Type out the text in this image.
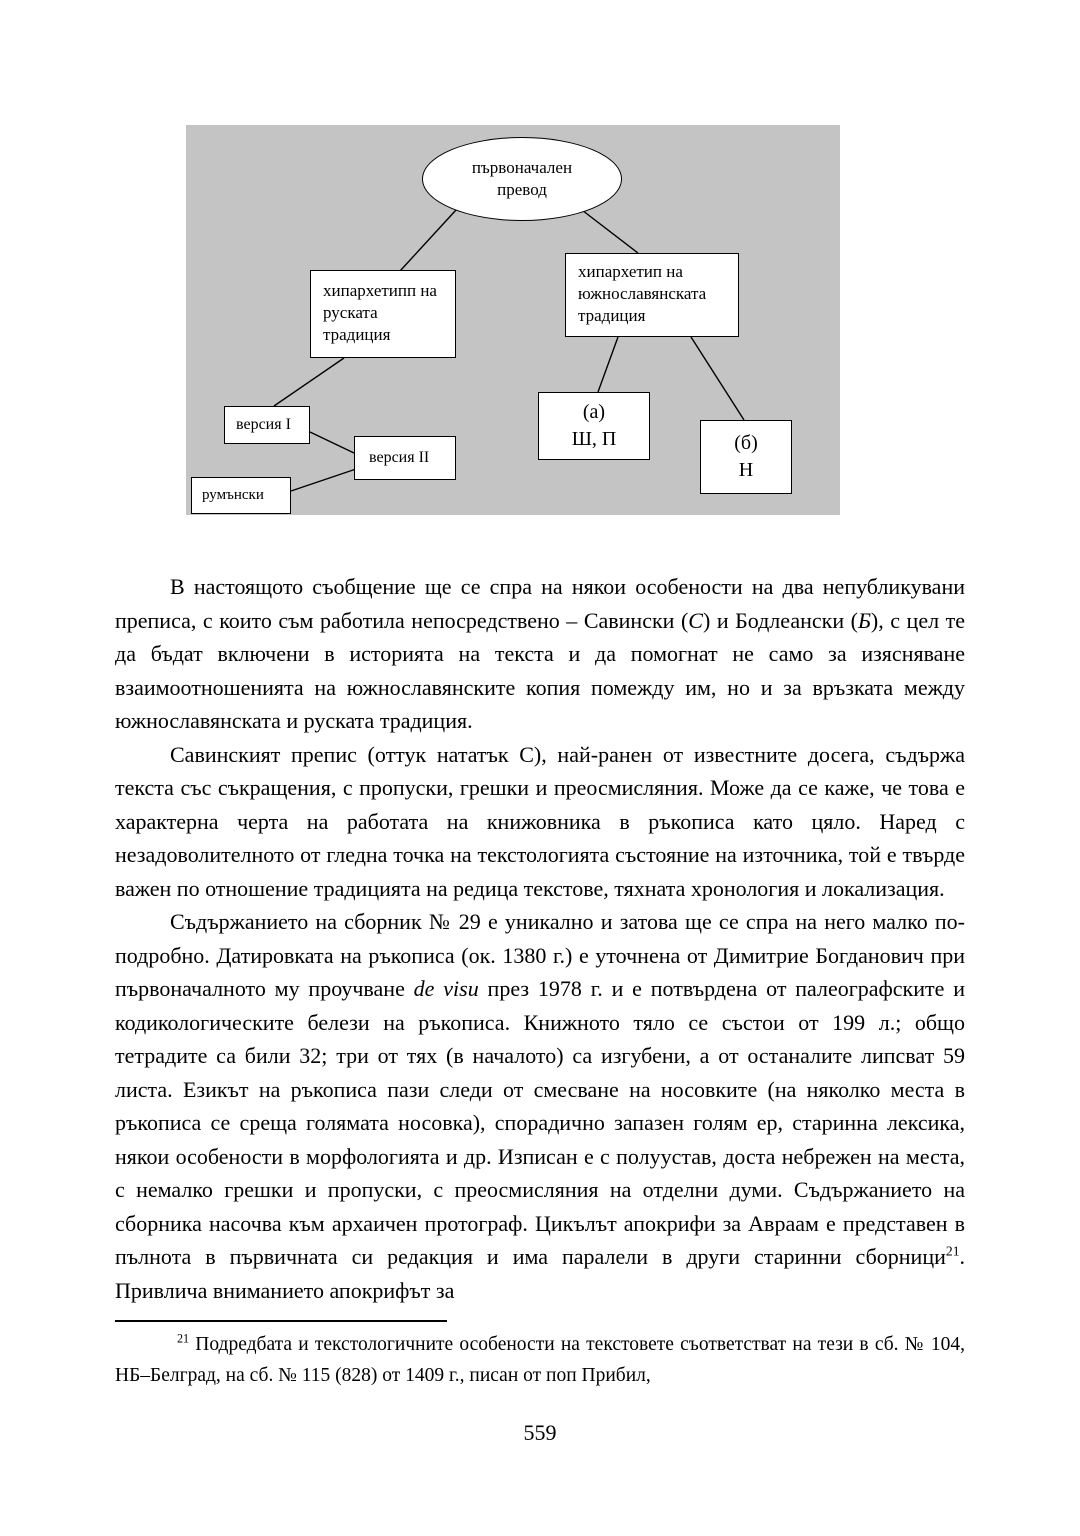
първоначален превод
хипархетипп на руската традиция
хипархетип на южнославянската традиция
версия I
версия II
румънски
(а)
Ш, П	(б)
Н

В настоящото съобщение ще се спра на някои особености на два непубликувани преписа, с които съм работила непосредствено – Савински (С) и Бодлеански (Б), с цел те да бъдат включени в историята на текста и да помогнат не само за изясняване взаимоотношенията на южнославянските копия помежду им, но и за връзката между южнославянската и руската традиция.

Савинският препис (оттук нататък С), най-ранен от известните досега, съдържа текста със съкращения, с пропуски, грешки и преосмисляния. Може да се каже, че това е характерна черта на работата на книжовника в ръкописа като цяло. Наред с незадоволителното от гледна точка на текстологията състояние на източника, той е твърде важен по отношение традицията на редица текстове, тяхната хронология и локализация.

Съдържанието на сборник № 29 е уникално и затова ще се спра на него малко по-подробно. Датировката на ръкописа (ок. 1380 г.) е уточнена от Димитрие Богданович при първоначалното му проучване de visu през 1978 г. и е потвърдена от палеографските и кодикологическите белези на ръкописа. Книжното тяло се състои от 199 л.; общо тетрадите са били 32; три от тях (в началото) са изгубени, а от останалите липсват 59 листа. Езикът на ръкописа пази следи от смесване на носовките (на няколко места в ръкописа се среща голямата носовка), спорадично запазен голям ер, старинна лексика, някои особености в морфологията и др. Изписан е с полуустав, доста небрежен на места, с немалко грешки и пропуски, с преосмисляния на отделни думи. Съдържанието на сборника насочва към архаичен протограф. Цикълът апокрифи за Авраам е представен в пълнота в първичната си редакция и има паралели в други старинни сборници$^{21}$. Привлича вниманието апокрифът за

$^{21}$ Подредбата и текстологичните особености на текстовете съответстват на тези в сб. № 104, НБ–Белград, на сб. № 115 (828) от 1409 г., писан от поп Прибил,

559
